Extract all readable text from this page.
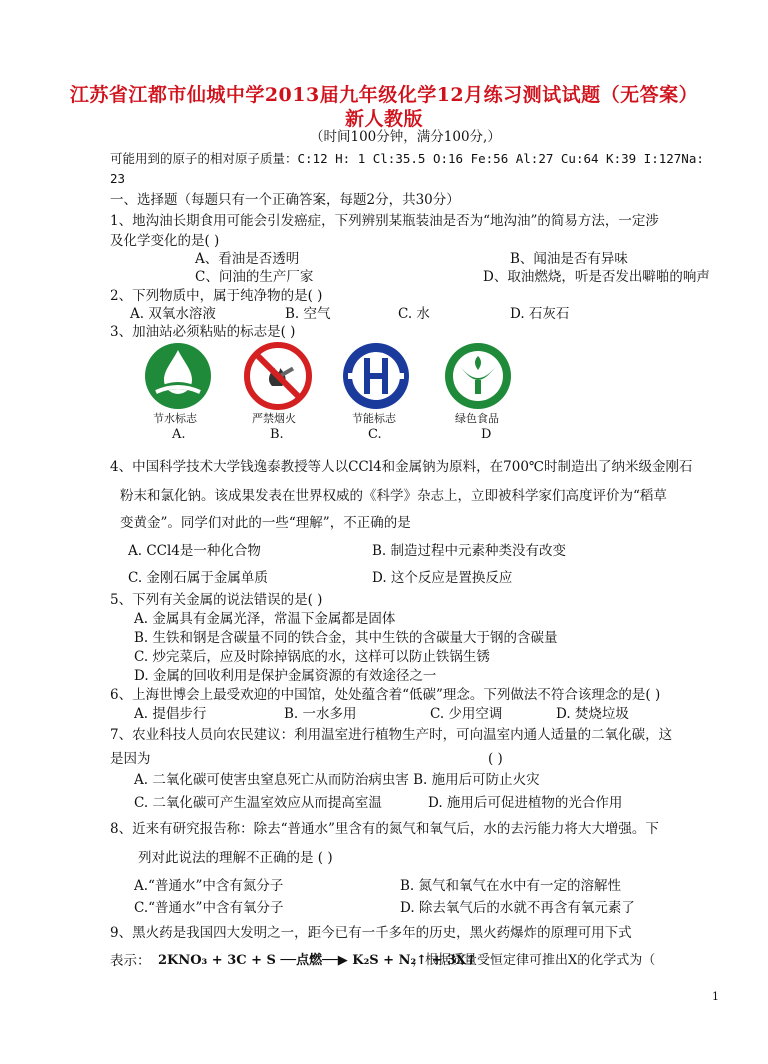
江苏省江都市仙城中学2013届九年级化学12月练习测试试题（无答案）
新人教版
（时间100分钟，满分100分,）
可能用到的原子的相对原子质量：C:12 H: 1 Cl:35.5 O:16 Fe:56 Al:27 Cu:64 K:39 I:127Na:
23
一、选择题（每题只有一个正确答案，每题2分，共30分）
1、地沟油长期食用可能会引发癌症，下列辨别某瓶装油是否为“地沟油”的简易方法，一定涉
及化学变化的是( )
A、看油是否透明	B、闻油是否有异味
C、问油的生产厂家	D、取油燃烧，听是否发出噼啪的响声
2、下列物质中，属于纯净物的是( )
A. 双氧水溶液	B. 空气	C. 水	D. 石灰石
3、加油站必须粘贴的标志是( )
节水标志	严禁烟火	节能标志	绿色食品
A.	B.	C.	D
4、中国科学技术大学钱逸泰教授等人以CCl4和金属钠为原料，在700℃时制造出了纳米级金刚石
粉末和氯化钠。该成果发表在世界权威的《科学》杂志上，立即被科学家们高度评价为“稻草
变黄金”。同学们对此的一些“理解”，不正确的是
A. CCl4是一种化合物	B. 制造过程中元素种类没有改变
C. 金刚石属于金属单质	D. 这个反应是置换反应
5、下列有关金属的说法错误的是( )
A. 金属具有金属光泽，常温下金属都是固体
B. 生铁和钢是含碳量不同的铁合金，其中生铁的含碳量大于钢的含碳量
C. 炒完菜后，应及时除掉锅底的水，这样可以防止铁锅生锈
D. 金属的回收利用是保护金属资源的有效途径之一
6、上海世博会上最受欢迎的中国馆，处处蕴含着“低碳”理念。下列做法不符合该理念的是( )
A. 提倡步行	B. 一水多用	C. 少用空调	D. 焚烧垃圾
7、农业科技人员向农民建议：利用温室进行植物生产时，可向温室内通人适量的二氧化碳，这
是因为	( )
A. 二氧化碳可使害虫窒息死亡从而防治病虫害 B. 施用后可防止火灾
C. 二氧化碳可产生温室效应从而提高室温	D. 施用后可促进植物的光合作用
8、近来有研究报告称：除去“普通水”里含有的氮气和氧气后，水的去污能力将大大增强。下
列对此说法的理解不正确的是 ( )
A.“普通水”中含有氮分子	B. 氮气和氧气在水中有一定的溶解性
C.“普通水”中含有氧分子	D. 除去氧气后的水就不再含有氧元素了
9、黑火药是我国四大发明之一，距今已有一千多年的历史，黑火药爆炸的原理可用下式
表示： 2KNO₃ + 3C + S ──点燃──▶ K₂S + N₂↑ + 3X↑
，根据质量受恒定律可推出X的化学式为（
1
